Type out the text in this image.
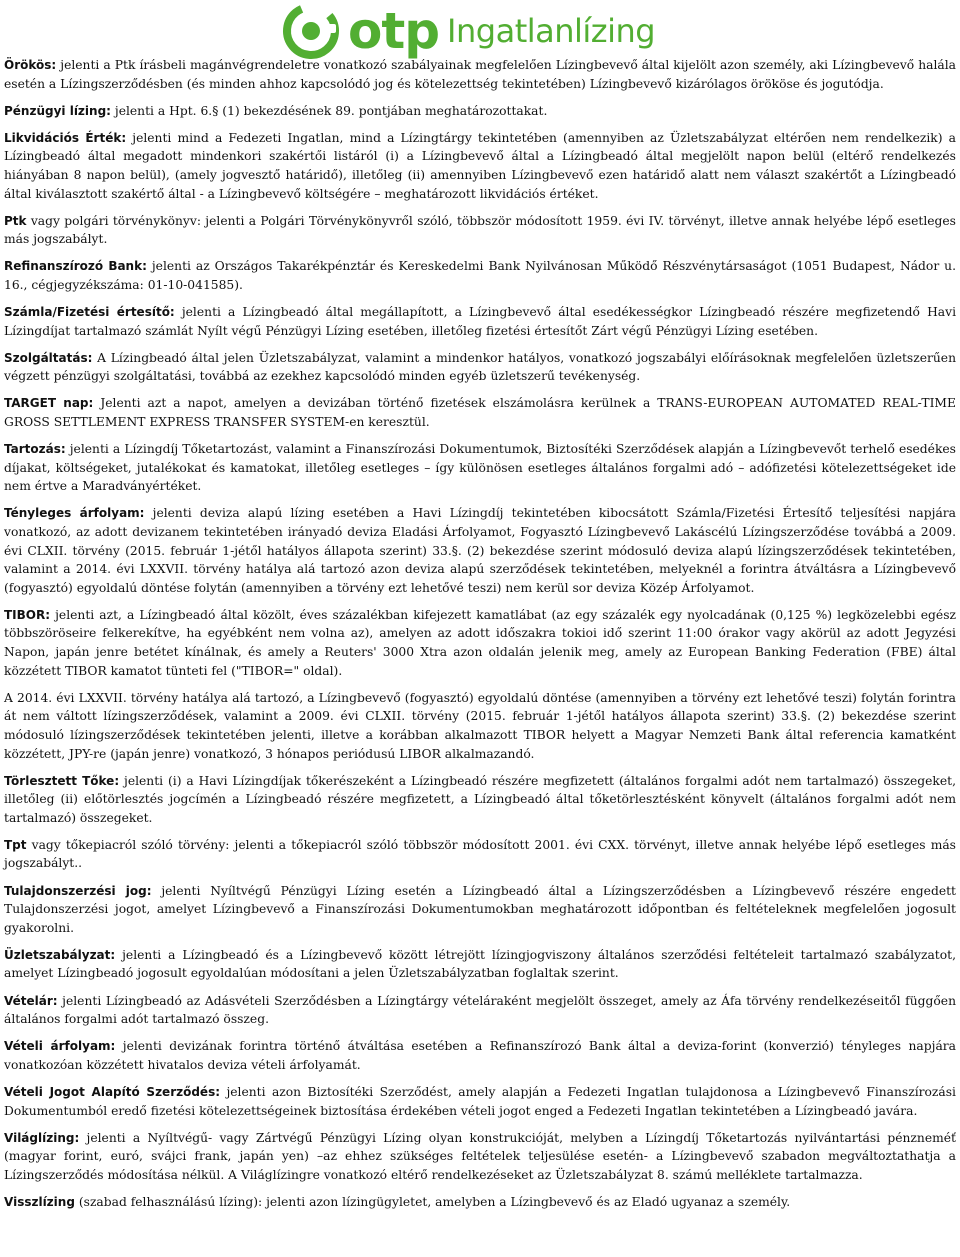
otp Ingatlanlízing

Örökös: jelenti a Ptk írásbeli magánvégrendeletre vonatkozó szabályainak megfelelően Lízingbevevő által kijelölt azon személy, aki Lízingbevevő halála esetén a Lízingszerződésben (és minden ahhoz kapcsolódó jog és kötelezettség tekintetében) Lízingbevevő kizárólagos örököse és jogutódja.

Pénzügyi lízing: jelenti a Hpt. 6.§ (1) bekezdésének 89. pontjában meghatározottakat.

Likvidációs Érték: jelenti mind a Fedezeti Ingatlan, mind a Lízingtárgy tekintetében (amennyiben az Üzletszabályzat eltérően nem rendelkezik) a Lízingbeadó által megadott mindenkori szakértői listáról (i) a Lízingbevevő által a Lízingbeadó által megjelölt napon belül (eltérő rendelkezés hiányában 8 napon belül), (amely jogvesztő határidő), illetőleg (ii) amennyiben Lízingbevevő ezen határidő alatt nem választ szakértőt a Lízingbeadó által kiválasztott szakértő által - a Lízingbevevő költségére – meghatározott likvidációs értéket.

Ptk vagy polgári törvénykönyv: jelenti a Polgári Törvénykönyvről szóló, többször módosított 1959. évi IV. törvényt, illetve annak helyébe lépő esetleges más jogszabályt.

Refinanszírozó Bank: jelenti az Országos Takarékpénztár és Kereskedelmi Bank Nyilvánosan Működő Részvénytársaságot (1051 Budapest, Nádor u. 16., cégjegyzékszáma: 01-10-041585).

Számla/Fizetési értesítő: jelenti a Lízingbeadó által megállapított, a Lízingbevevő által esedékességkor Lízingbeadó részére megfizetendő Havi Lízingdíjat tartalmazó számlát Nyílt végű Pénzügyi Lízing esetében, illetőleg fizetési értesítőt Zárt végű Pénzügyi Lízing esetében.

Szolgáltatás: A Lízingbeadó által jelen Üzletszabályzat, valamint a mindenkor hatályos, vonatkozó jogszabályi előírásoknak megfelelően üzletszerűen végzett pénzügyi szolgáltatási, továbbá az ezekhez kapcsolódó minden egyéb üzletszerű tevékenység.

TARGET nap: Jelenti azt a napot, amelyen a devizában történő fizetések elszámolásra kerülnek a TRANS-EUROPEAN AUTOMATED REAL-TIME GROSS SETTLEMENT EXPRESS TRANSFER SYSTEM-en keresztül.

Tartozás: jelenti a Lízingdíj Tőketartozást, valamint a Finanszírozási Dokumentumok, Biztosítéki Szerződések alapján a Lízingbevevőt terhelő esedékes díjakat, költségeket, jutalékokat és kamatokat, illetőleg esetleges – így különösen esetleges általános forgalmi adó – adófizetési kötelezettségeket ide nem értve a Maradványértéket.

Tényleges árfolyam: jelenti deviza alapú lízing esetében a Havi Lízingdíj tekintetében kibocsátott Számla/Fizetési Értesítő teljesítési napjára vonatkozó, az adott devizanem tekintetében irányadó deviza Eladási Árfolyamot, Fogyasztó Lízingbevevő Lakáscélú Lízingszerződése továbbá a 2009. évi CLXII. törvény (2015. február 1-jétől hatályos állapota szerint) 33.§. (2) bekezdése szerint módosuló deviza alapú lízingszerződések tekintetében, valamint a 2014. évi LXXVII. törvény hatálya alá tartozó azon deviza alapú szerződések tekintetében, melyeknél a forintra átváltásra a Lízingbevevő (fogyasztó) egyoldalú döntése folytán (amennyiben a törvény ezt lehetővé teszi) nem kerül sor deviza Közép Árfolyamot.

TIBOR: jelenti azt, a Lízingbeadó által közölt, éves százalékban kifejezett kamatlábat (az egy százalék egy nyolcadának (0,125 %) legközelebbi egész többszöröseire felkerekítve, ha egyébként nem volna az), amelyen az adott időszakra tokioi idő szerint 11:00 órakor vagy akörül az adott Jegyzési Napon, japán jenre betétet kínálnak, és amely a Reuters' 3000 Xtra azon oldalán jelenik meg, amely az European Banking Federation (FBE) által közzétett TIBOR kamatot tünteti fel ("TIBOR=" oldal).

A 2014. évi LXXVII. törvény hatálya alá tartozó, a Lízingbevevő (fogyasztó) egyoldalú döntése (amennyiben a törvény ezt lehetővé teszi) folytán forintra át nem váltott lízingszerződések, valamint a 2009. évi CLXII. törvény (2015. február 1-jétől hatályos állapota szerint) 33.§. (2) bekezdése szerint módosuló lízingszerződések tekintetében jelenti, illetve a korábban alkalmazott TIBOR helyett a Magyar Nemzeti Bank által referencia kamatként közzétett, JPY-re (japán jenre) vonatkozó, 3 hónapos periódusú LIBOR alkalmazandó.

Törlesztett Tőke: jelenti (i) a Havi Lízingdíjak tőkerészeként a Lízingbeadó részére megfizetett (általános forgalmi adót nem tartalmazó) összegeket, illetőleg (ii) előtörlesztés jogcímén a Lízingbeadó részére megfizetett, a Lízingbeadó által tőketörlesztésként könyvelt (általános forgalmi adót nem tartalmazó) összegeket.

Tpt vagy tőkepiacról szóló törvény: jelenti a tőkepiacról szóló többször módosított 2001. évi CXX. törvényt, illetve annak helyébe lépő esetleges más jogszabályt..

Tulajdonszerzési jog: jelenti Nyíltvégű Pénzügyi Lízing esetén a Lízingbeadó által a Lízingszerződésben a Lízingbevevő részére engedett Tulajdonszerzési jogot, amelyet Lízingbevevő a Finanszírozási Dokumentumokban meghatározott időpontban és feltételeknek megfelelően jogosult gyakorolni.

Üzletszabályzat: jelenti a Lízingbeadó és a Lízingbevevő között létrejött lízingjogviszony általános szerződési feltételeit tartalmazó szabályzatot, amelyet Lízingbeadó jogosult egyoldalúan módosítani a jelen Üzletszabályzatban foglaltak szerint.

Vételár: jelenti Lízingbeadó az Adásvételi Szerződésben a Lízingtárgy vételáraként megjelölt összeget, amely az Áfa törvény rendelkezéseitől függően általános forgalmi adót tartalmazó összeg.

Vételi árfolyam: jelenti devizának forintra történő átváltása esetében a Refinanszírozó Bank által a deviza-forint (konverzió) tényleges napjára vonatkozóan közzétett hivatalos deviza vételi árfolyamát.

Vételi Jogot Alapító Szerződés: jelenti azon Biztosítéki Szerződést, amely alapján a Fedezeti Ingatlan tulajdonosa a Lízingbevevő Finanszírozási Dokumentumból eredő fizetési kötelezettségeinek biztosítása érdekében vételi jogot enged a Fedezeti Ingatlan tekintetében a Lízingbeadó javára.

Világlízing: jelenti a Nyíltvégű- vagy Zártvégű Pénzügyi Lízing olyan konstrukcióját, melyben a Lízingdíj Tőketartozás nyilvántartási pénzneméť (magyar forint, euró, svájci frank, japán yen) –az ehhez szükséges feltételek teljesülése esetén- a Lízingbevevő szabadon megváltoztathatja a Lízingszerződés módosítása nélkül. A Világlízingre vonatkozó eltérő rendelkezéseket az Üzletszabályzat 8. számú melléklete tartalmazza.

Visszlízing (szabad felhasználású lízing): jelenti azon lízingügyletet, amelyben a Lízingbevevő és az Eladó ugyanaz a személy.
